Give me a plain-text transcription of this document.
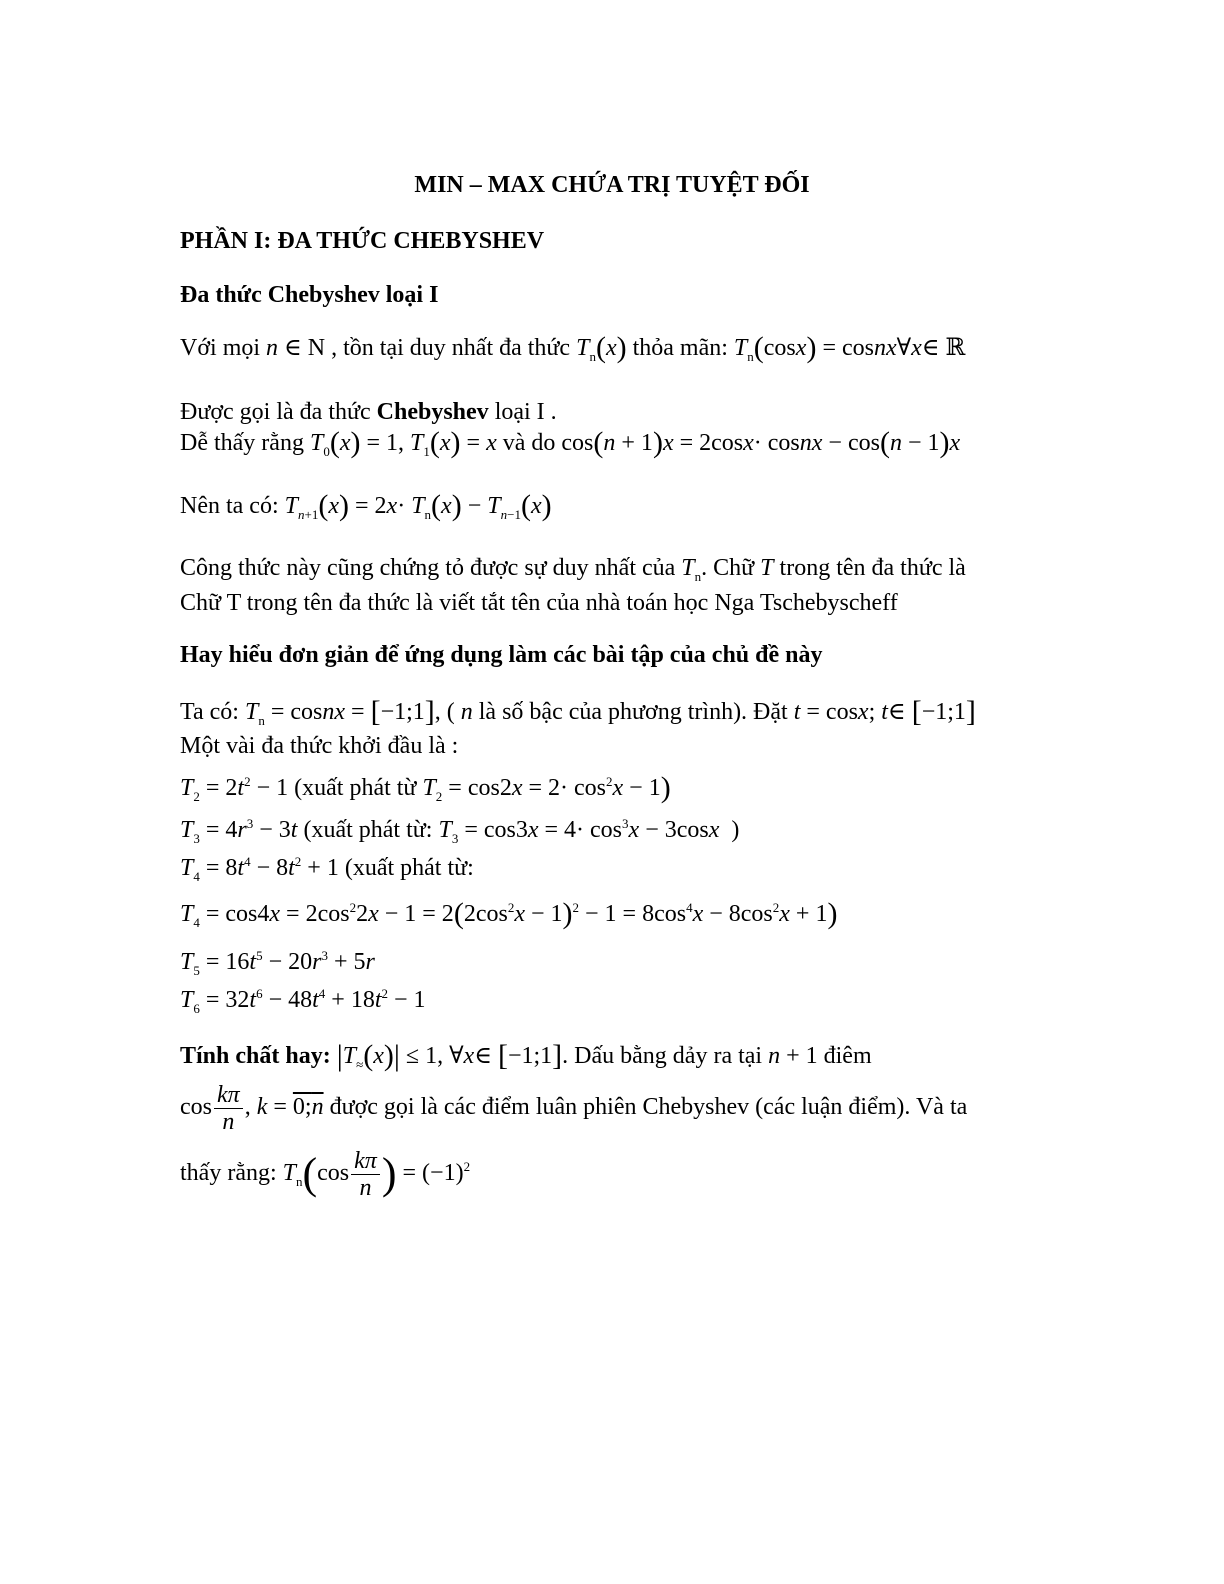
MIN – MAX CHỨA TRỊ TUYỆT ĐỐI
PHẦN I: ĐA THỨC CHEBYSHEV
Đa thức Chebyshev loại I
Với mọi n ∈ N , tồn tại duy nhất đa thức $T_n(x)$ thỏa mãn: $T_n(\cos x)$ = cosnx∀x∈ ℝ
Được gọi là đa thức Chebyshev loại I .
Dễ thấy rằng $T_0(x) = 1$, $T_1(x) = x$ và do cos(n + 1)x = 2cosx· cosnx − cos(n − 1)x
Nên ta có: $T_{n+1}(x) = 2x\cdot T_n(x) - T_{n-1}(x)$
Công thức này cũng chứng tỏ được sự duy nhất của $T_n$. Chữ T trong tên đa thức là
Chữ T trong tên đa thức là viết tắt tên của nhà toán học Nga Tschebyscheff
Hay hiểu đơn giản để ứng dụng làm các bài tập của chủ đề này
Ta có: $T_n$ = cosnx = [−1;1], ( n là số bậc của phương trình). Đặt t = cosx; t∈ [−1;1]
Một vài đa thức khởi đầu là :
$T_2 = 2t^2 - 1$ (xuất phát từ $T_2 = \cos 2x = 2\cdot \cos^2x - 1$)
$T_3 = 4r^3 - 3t$ (xuất phát từ: $T_3 = \cos 3x = 4\cdot \cos^3x - 3\cos x$  )
$T_4 = 8t^4 - 8t^2 + 1$ (xuất phát từ:
$T_4 = \cos 4x = 2\cos^22x - 1 = 2(2\cos^2x - 1)^2 - 1 = 8\cos^4x - 8\cos^2x + 1$)
$T_5 = 16t^5 - 20r^3 + 5r$
$T_6 = 32t^6 - 48t^4 + 18t^2 - 1$
Tính chất hay: $|T_\approx(x)| \le 1$, ∀x∈ [−1;1]. Dấu bằng dảy ra tại n + 1 điêm
$\cos \frac{k\pi}{n}$ , k = 0;n được gọi là các điểm luân phiên Chebyshev (các luận điểm). Và ta
thấy rằng: $T_n(\cos \frac{k\pi}{n}$ ) = $(-1)^2$
